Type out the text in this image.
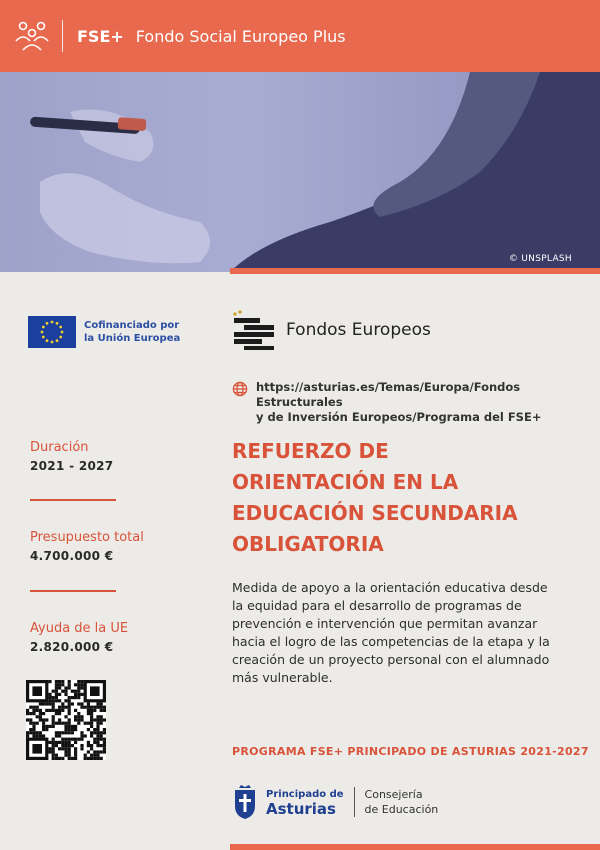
FSE+ Fondo Social Europeo Plus
© UNSPLASH
Cofinanciado por
la Unión Europea	Fondos Europeos
https://asturias.es/Temas/Europa/Fondos Estructurales
y de Inversión Europeos/Programa del FSE+
Duración
2021 - 2027
Presupuesto total
4.700.000 €
Ayuda de la UE
2.820.000 €
REFUERZO DE
ORIENTACIÓN EN LA
EDUCACIÓN SECUNDARIA
OBLIGATORIA
Medida de apoyo a la orientación educativa desde
la equidad para el desarrollo de programas de
prevención e intervención que permitan avanzar
hacia el logro de las competencias de la etapa y la
creación de un proyecto personal con el alumnado
más vulnerable.
PROGRAMA FSE+ PRINCIPADO DE ASTURIAS 2021-2027
Principado de
Asturias
Consejería
de Educación
